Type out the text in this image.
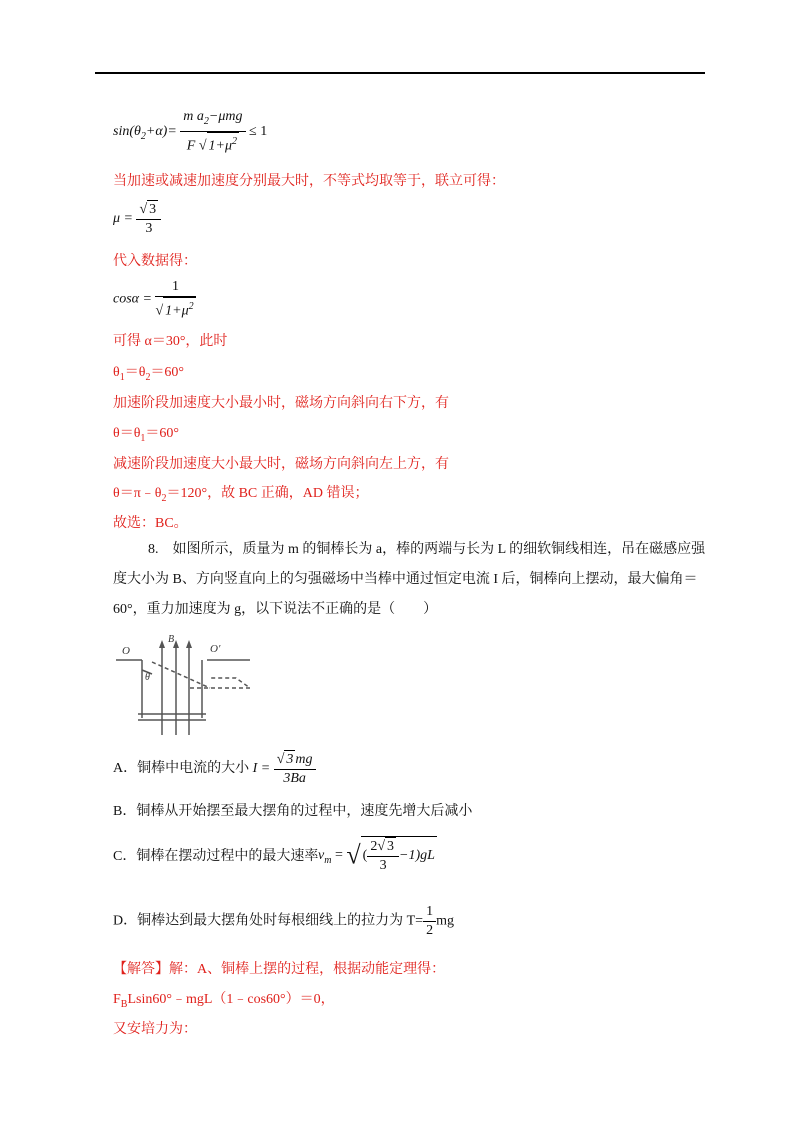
$\sin(\theta_2+\alpha)= \frac{m a_2-\mu mg}{F √ 1+\mu^2} \le 1$
当加速或减速加速度分别最大时，不等式均取等于，联立可得：
$\mu = \frac{√ 3}{3}$
代入数据得：
$\cos\alpha = \frac{1}{√ 1+\mu^2}$
可得 α＝30°，此时
$\theta_1=\theta_2=60^\circ$
加速阶段加速度大小最小时，磁场方向斜向右下方，有
$\theta=\theta_1=60^\circ$
减速阶段加速度大小最大时，磁场方向斜向左上方，有
$\theta=\pi﹣\theta_2=120^\circ$，故 BC 正确，AD 错误；
故选：BC。
8.　如图所示，质量为 m 的铜棒长为 a，棒的两端与长为 L 的细软铜线相连，吊在磁感应强度大小为 B、方向竖直向上的匀强磁场中当棒中通过恒定电流 I 后，铜棒向上摆动，最大偏角＝60°，重力加速度为 g，以下说法不正确的是（　　）
O	O′
B
θ
A．铜棒中电流的大小 $I = \frac{√ 3 mg}{3Ba}$
B．铜棒从开始摆至最大摆角的过程中，速度先增大后减小
C．铜棒在摆动过程中的最大速率 $v_m$ = √ ( $\frac{2√ 3}{3} -1)gL$
D．铜棒达到最大摆角处时每根细线上的拉力为 $T= \frac{1}{2}$ mg
【解答】解：A、铜棒上摆的过程，根据动能定理得：
$F_BLsin60^\circ﹣mgL(1﹣\cos 60^\circ)=0$，
又安培力为：
